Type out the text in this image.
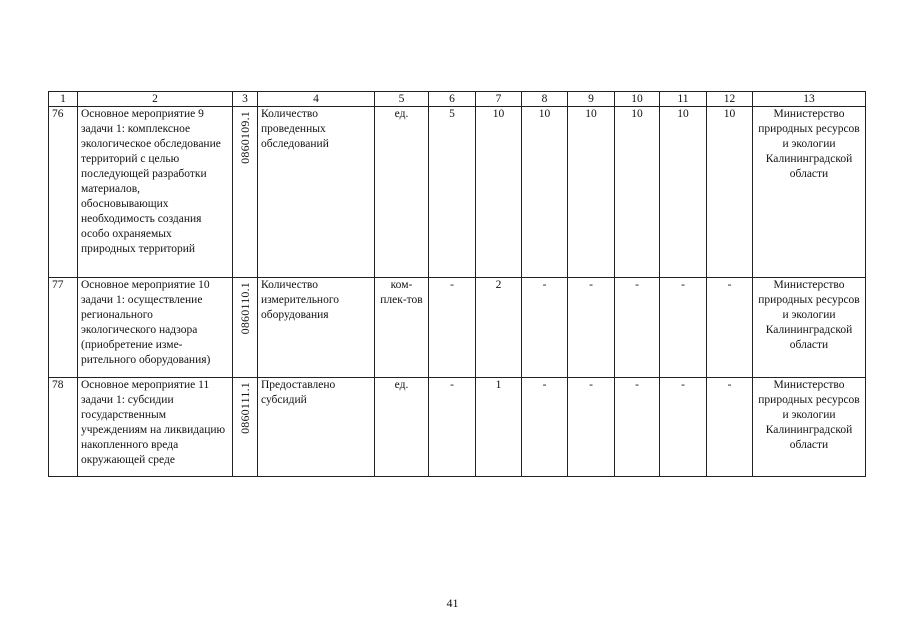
1	2	3	4	5	6	7	8	9	10	11	12	13
76	Основное мероприятие 9 задачи 1: комплексное экологическое обследование территорий с целью последующей разработки материалов, обосновывающих необходимость создания особо охраняемых природных территорий	0860109.1	Количество проведенных обследований	ед.	5	10	10	10	10	10	10	Министерство природных ресурсов и экологии Калининградской области
77	Основное мероприятие 10 задачи 1: осуществление регионального экологического надзора (приобретение изме-рительного оборудования)	0860110.1	Количество измерительного оборудования	ком-плек-тов	-	2	-	-	-	-	-	Министерство природных ресурсов и экологии Калининградской области
78	Основное мероприятие 11 задачи 1: субсидии государственным учреждениям на ликвидацию накопленного вреда окружающей среде	0860111.1	Предоставлено субсидий	ед.	-	1	-	-	-	-	-	Министерство природных ресурсов и экологии Калининградской области
41
